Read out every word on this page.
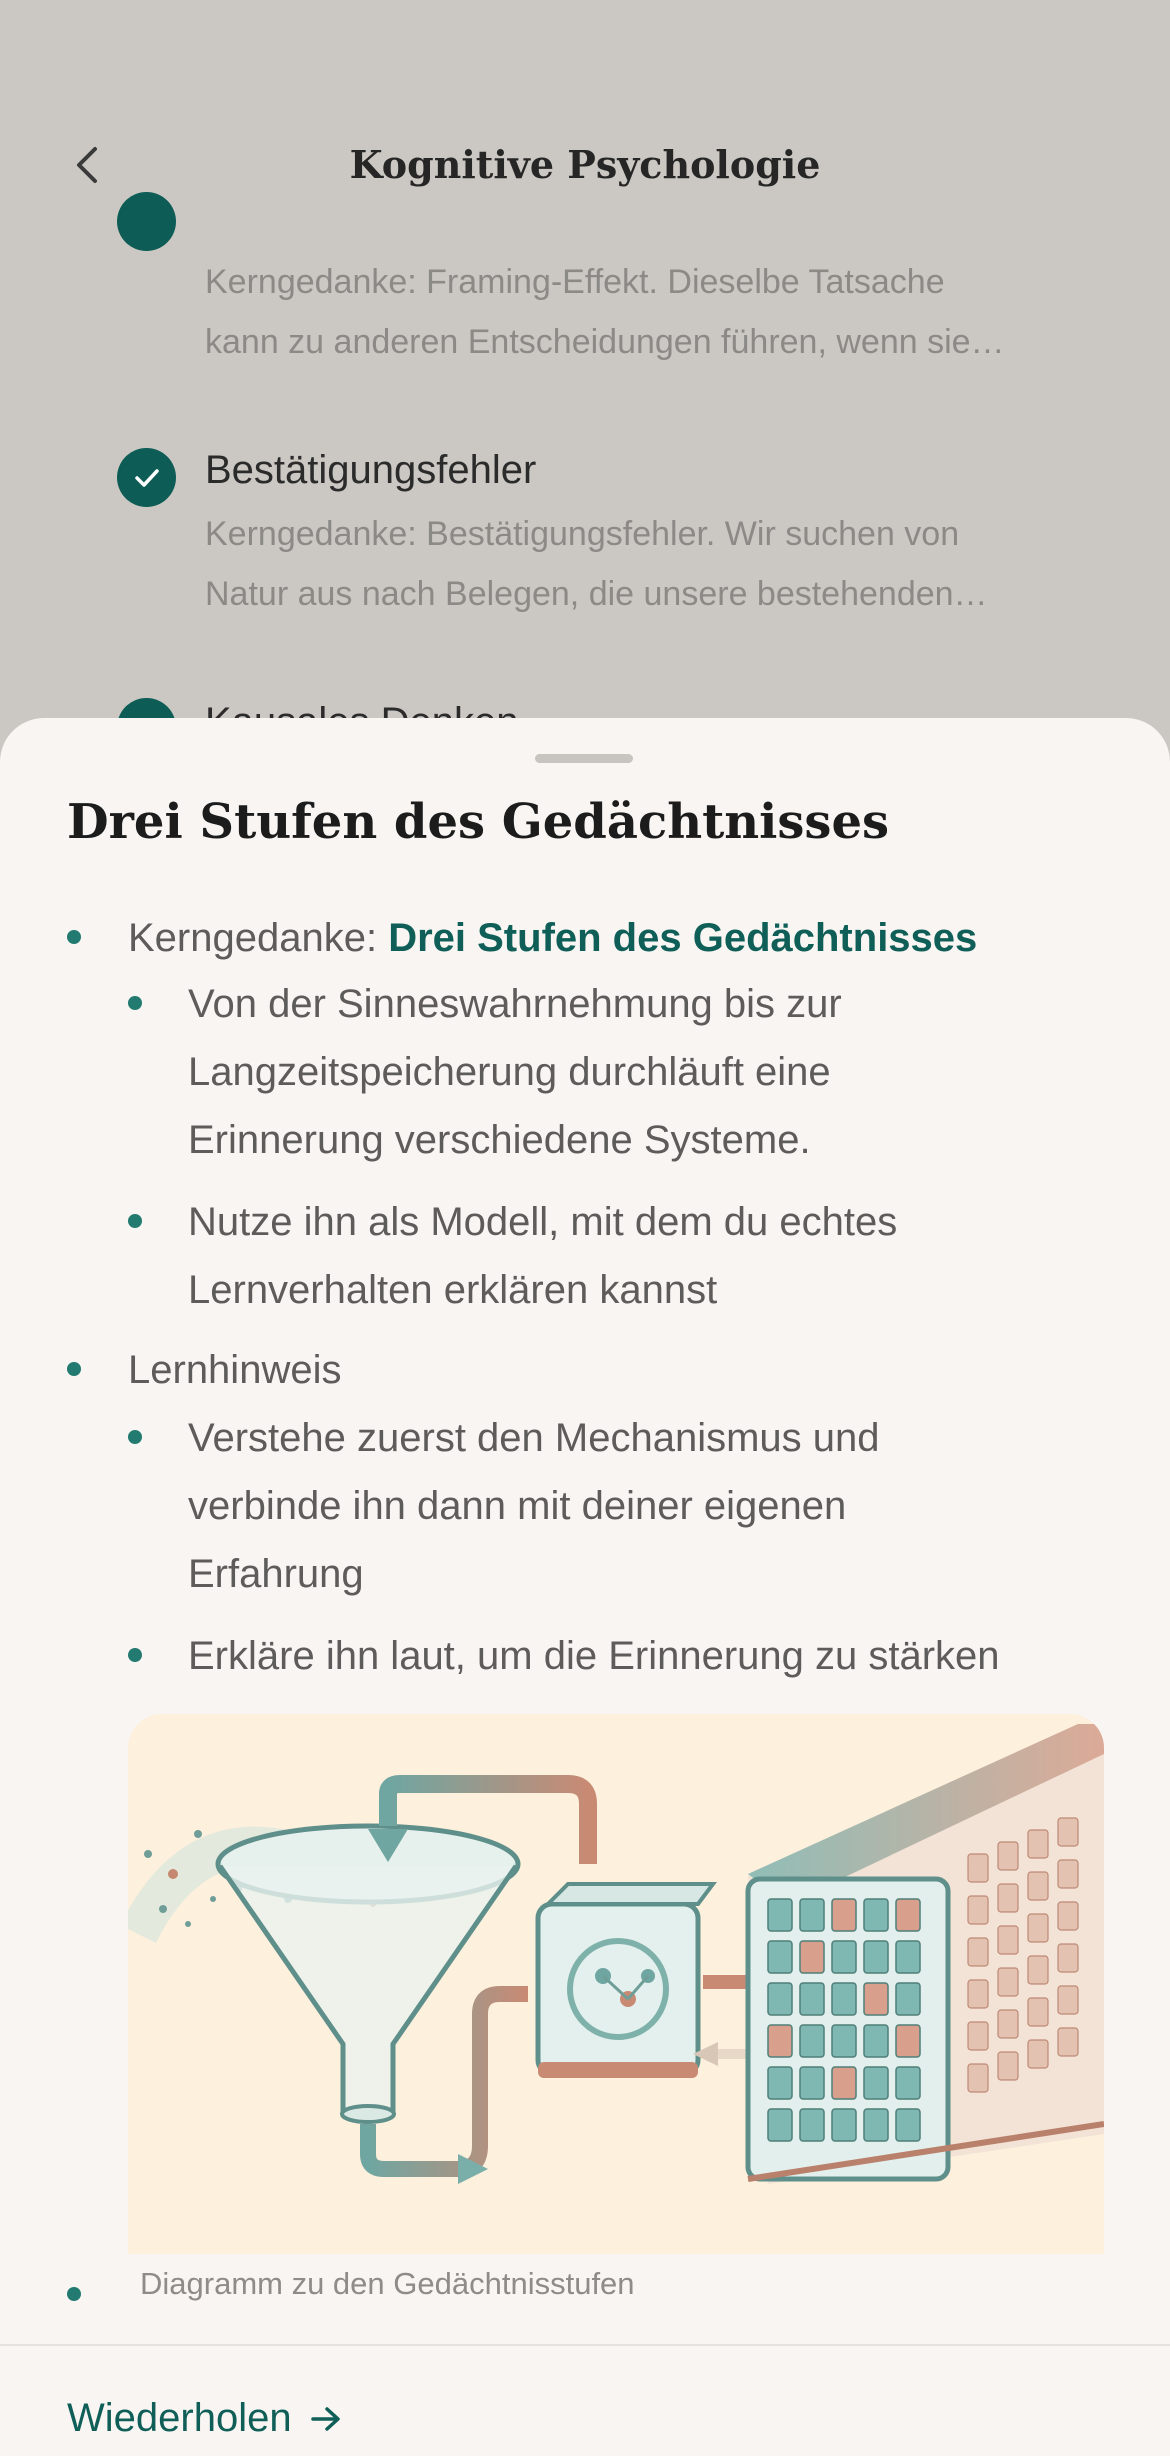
Kognitive Psychologie
Kerngedanke: Framing-Effekt. Dieselbe Tatsache
kann zu anderen Entscheidungen führen, wenn sie…
Bestätigungsfehler
Kerngedanke: Bestätigungsfehler. Wir suchen von
Natur aus nach Belegen, die unsere bestehenden…
Drei Stufen des Gedächtnisses
Kerngedanke: Drei Stufen des Gedächtnisses
Von der Sinneswahrnehmung bis zur
Langzeitspeicherung durchläuft eine
Erinnerung verschiedene Systeme.
Nutze ihn als Modell, mit dem du echtes
Lernverhalten erklären kannst
Lernhinweis
Verstehe zuerst den Mechanismus und
verbinde ihn dann mit deiner eigenen
Erfahrung
Erkläre ihn laut, um die Erinnerung zu stärken
Diagramm zu den Gedächtnisstufen
Wiederholen
